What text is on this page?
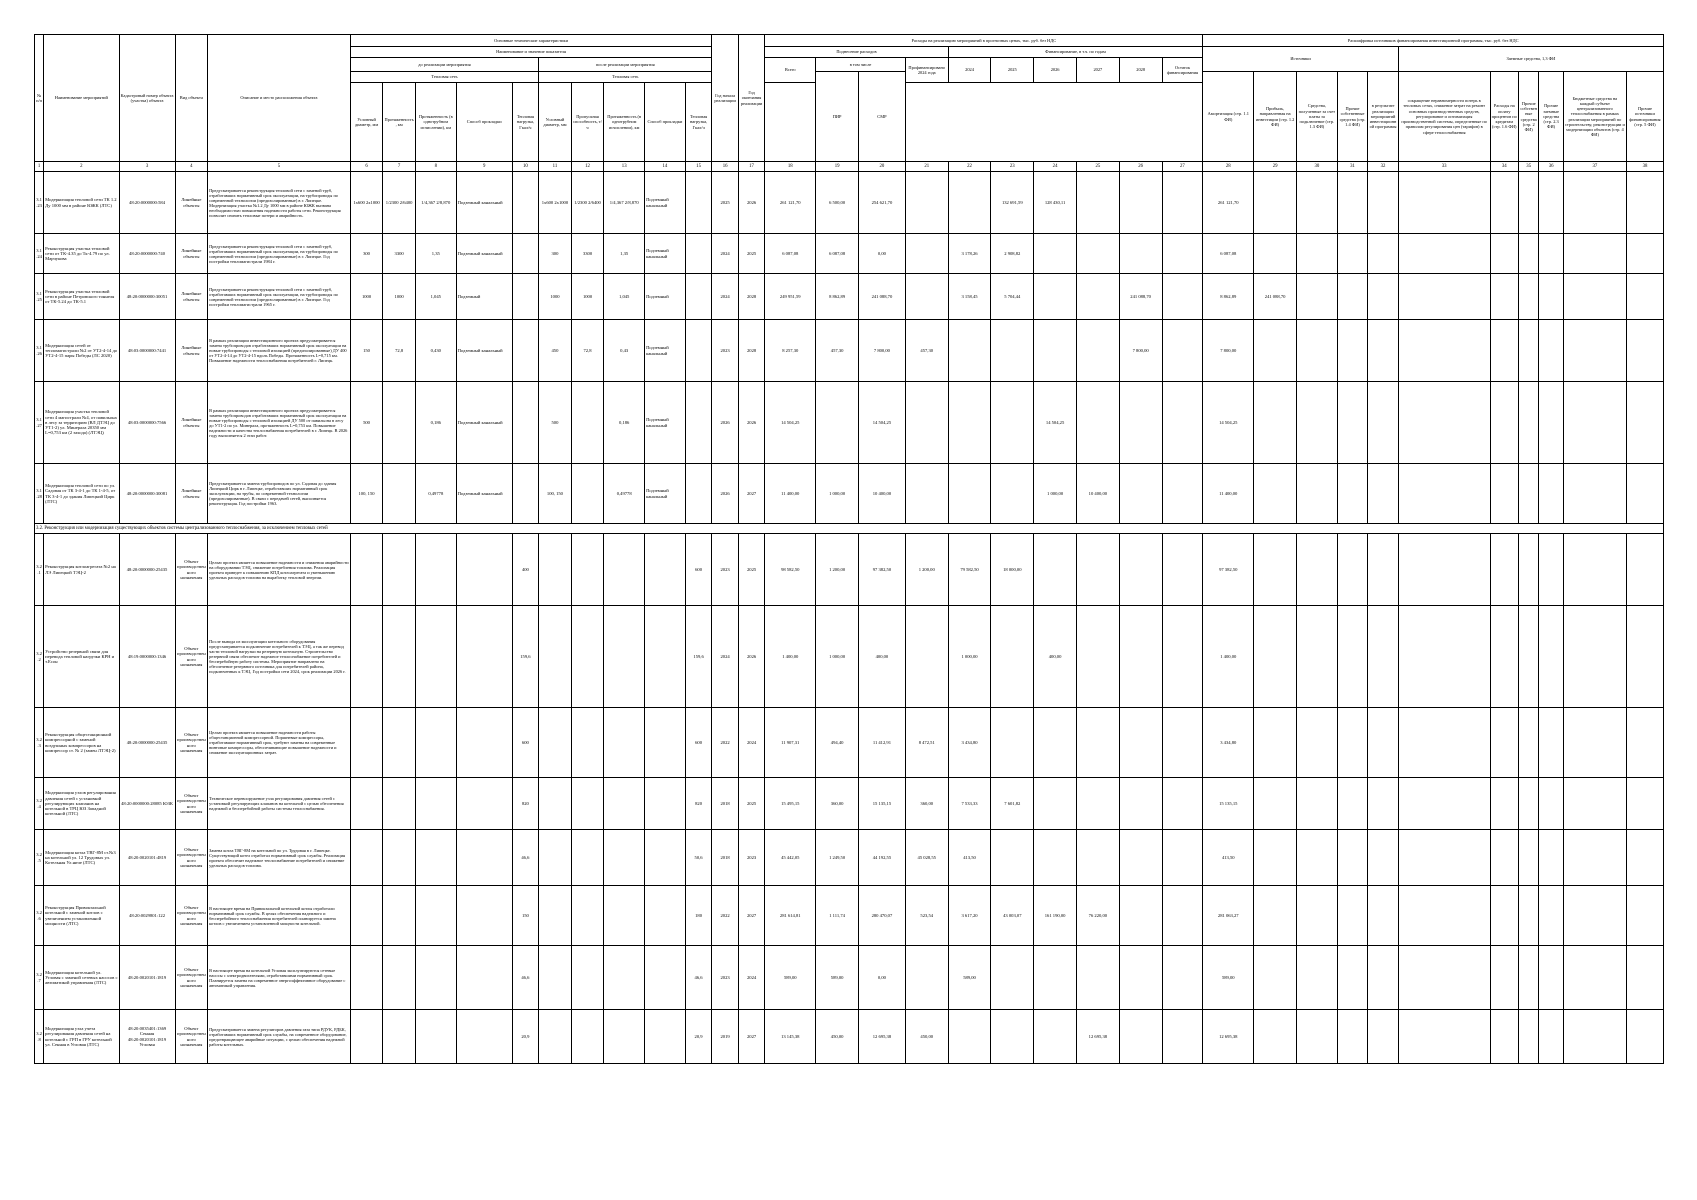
№ п/п	Наименование мероприятий	Кадастровый номер объекта (участка) объекта	Вид объекта	Описание и место расположения объекта	Основные технические характеристики										Год начала реализации	Год окончания реализации	Расходы на реализацию мероприятий в прогнозных ценах, тыс. руб. без НДС										Расшифровка источников финансирования инвестиционной программы, тыс. руб. без НДС										
					Наименование и значение показателя												Поднесение расходов				Финансирование, в т.ч. по годам						Источники					Заемные средства, 1,3 ФИ					
					до реализации мероприятия					после реализации мероприятия							Всего	в том числе		Профинансировано 2024 года	2024	2025	2026	2027	2028	Остаток финансирования											
					Тепловая сеть					Тепловая сеть								ПИР	СМР								Амортизация (стр. 1.1 ФИ)	Прибыль, направленная на инвестиции (стр. 1.2 ФИ)	Средства, полученные за счет платы за подключение (стр. 1.3 ФИ)	Прочие собственные средства (стр. 1.4 ФИ)	в результате реализации мероприятий инвестиционной программы	сокращение неравномерности потерь в тепловых сетях, снижение затрат на ремонт основных производственных средств, регулирование и оптимизация производственной системы, определенные по правилам регулирования цен (тарифов) в сфере теплоснабжения	Расходы на оплату процентов по кредитам (стр. 1.6 ФИ)	Прочие собственные средства (стр. 2 ФИ)	Прочие заемные средства (стр. 2.3 ФИ)	Бюджетные средства на каждый субъект централизованного теплоснабжения в рамках реализации мероприятий по строительству, реконструкции и модернизации объектов (стр. 4 ФИ)	Прочие источники финансирования (стр. 5 ФИ)
					Условный диаметр, мм	Протяженность, км	Протяженность (в однотрубном исчислении), км	Способ прокладки	Тепловая нагрузка, Гкал/ч	Условный диаметр, мм	Пропускная способность, т/ч	Протяженность (в однотрубном исчислении), км	Способ прокладки	Тепловая нагрузка, Гкал/ч																							
1	2	3	4	5	6	7	8	9	10	11	12	13	14	15	16	17	18	19	20	21	22	23	24	25	26	27	28	29	30	31	32	33	34	35	36	37	38
3.1.23	Модернизация тепловой сети ТК 1.2 Ду 1000 мм в районе ЮЖК (ЛТС)	48:20:0000000:584	Линейные объекты	Предусматривается реконструкция тепловой сети с заменой труб, отработавших нормативный срок эксплуатации, на трубопроводы по современной технологии (предизолированные) в г. Липецке. Модернизация участка №1.2 Ду 1000 мм в районе ЮЖК вызвана необходимостью повышения надежности работы сети. Реконструкция позволит снизить тепловые потери и аварийность.	1х600 2х1000	1/2300 2/6400	1/4,367 2/8,870	Подземный канальный		1х600 2х1000	1/2300 2/6400	1/4,367 2/8,870	Подземный канальный		2025	2026	261 121,70	6 500,00	254 621,70			132 691,59	128 430,11				261 121,70										
3.1.24	Реконструкция участка тепловой сети от ТК-4.35 до Тк-4.79 по ул. Марчукова	48:20:0000000:740	Линейные объекты	Предусматривается реконструкция тепловой сети с заменой труб, отработавших нормативный срок эксплуатации, на трубопроводы по современной технологии (предизолированные) в г. Липецке. Год постройки тепломагистрали 1984 г.	300	3300	1,35	Подземный канальный		300	3300	1,35	Подземный канальный		2024	2025	6 087,08	6 087,08	0,00		3 178,26	2 908,82					6 087,08										
3.1.25	Реконструкция участка тепловой сети в районе Петровского тоннеля от ТК-5.24 до ТК-5.1	48:20:0000000:30051	Линейные объекты	Предусматривается реконструкция тепловой сети с заменой труб, отработавших нормативный срок эксплуатации, на трубопроводы по современной технологии (предизолированные) в г. Липецке. Год постройки тепломагистрали 1965 г.	1000	1000	1,045	Подземный		1000	1000	1,045	Подземный		2024	2028	249 951,59	8 862,89	241 088,70		3 158,45	5 704,44			241 088,70		8 862,89	241 088,70									
3.1.26	Модернизация сетей от тепломагистрали №2 от УТ2-4-14 до УТ2-4-15 пары Победы (ЛС 2020)	48:03:0000000:7441	Линейные объекты	В рамках реализации инвестиционного проекта предусматривается замена трубопроводов отработавших нормативный срок эксплуатации на новые трубопроводы с тепловой изоляцией (предизолированные) ДУ 400 от УТ2-4-14 до УТ2-4-15 вдоль Победы. Протяженность L=0,715 км. Повышение надежности теплоснабжения потребителей г. Липецк.	150	72,8	0,430	Подземный канальный		450	72,8	0,43	Подземный канальный		2023	2028	8 257,30	457,30	7 800,00	457,30					7 800,00		7 800,00										
3.1.27	Модернизация участка тепловой сети 4 магистрали №4, от павильона в лесу за территорию (ВЛ ДТЭЦ до УТ1-2) ул. Минерала 20350 мм L=0,753 км (2 захода) (ЛТЭЦ)	48:03:0000000:7566	Линейные объекты	В рамках реализации инвестиционного проекта предусматривается замена трубопроводов отработавших нормативный срок эксплуатации на новые трубопроводы с тепловой изоляцией ДУ 500 от павильона в лесу до УТ1-2 по ул. Минерала, протяженность L=0,753 км. Повышение надежности и качества теплоснабжения потребителей в г. Липецк. В 2026 году выполняется 2 этап работ.	500		0,186	Подземный канальный		500		0,186	Подземный канальный		2026	2026	14 504,25		14 504,25				14 504,25				14 504,25										
3.1.28	Модернизация тепловой сети по ул. Садовая от ТК 3-4-1 до ТК 1-4-5, от ТК 3-4-1 до здания Липецкий Цирк (ЛТС)	48:20:0000000:30081	Линейные объекты	Предусматривается замена трубопроводов по ул. Садовая до здания Липецкий Цирк в г. Липецке, отработавших нормативный срок эксплуатации, на трубы, по современной технологии (предизолированные). В связи с передачей сетей, выполняется реконструкция. Год постройки 1963.	100, 150		0,49778	Подземный канальный		100, 150		0,49778	Подземный канальный		2026	2027	11 400,00	1 000,00	10 400,00				1 000,00	10 400,00			11 400,00										
3.2. Реконструкция или модернизация существующих объектов системы централизованного теплоснабжения, за исключением тепловых сетей																																					
3.2.1	Реконструкция котлоагрегата №2 на ЛЭ Липецкой ТЭЦ-2	48:20:0000000:25435	Объект производственного назначения	Целью проекта является повышение надежности и снижения аварийности на оборудовании ТЭЦ, снижение потребления топлива. Реализация проекта приведет к повышению КПД котлоагрегата и уменьшению удельных расходов топлива на выработку тепловой энергии.					400					600	2023	2025	98 582,50	1 200,00	97 382,50	1 200,00	79 582,50	18 000,00					97 382,50										
3.2.2	Устройство резервной связи для перевода тепловой нагрузки КРН и т.Есон	48:19:0000000:1346	Объект производственного назначения	После вывода из эксплуатации котельного оборудования предусматривается подключение потребителей к ТЭЦ, а так же перевод части тепловой нагрузки на резервную котельную. Строительство резервной связи обеспечит надежное теплоснабжение потребителей и бесперебойную работу системы. Мероприятие направлено на обеспечение резервного источника для потребителей района, подключенных к ТЭЦ. Год постройки сети 2024, срок реализации 2026 г.					159,6					159,6	2024	2026	1 400,00	1 000,00	400,00		1 000,00		400,00				1 400,00										
3.2.3	Реконструкция общестанционной компрессорной с заменой воздушных компрессоров на компрессор ст. № 2 (замен ЛТЭЦ-2)	48:20:0000000:25435	Объект производственного назначения	Целью проекта является повышение надежности работы общестанционной компрессорной. Поршневые компрессоры, отработавшие нормативный срок, требуют замены на современные винтовые компрессоры, обеспечивающие повышение надежности и снижение эксплуатационных затрат.					600					600	2022	2024	11 907,31	494,40	11 412,91	8 472,51	3 434,80						3 434,80										
3.2.4	Модернизация узлов регулирования давления сетей с установкой регулирующих клапанов на котельной в ТРЦ ЮЗ Западной котельной (ЛТС)	48:20:0000000:28085 ЮЗК	Объект производственного назначения	Техническое перевооружение узла регулирования давления сетей с установкой регулирующих клапанов на котельной с целью обеспечения надежной и бесперебойной работы системы теплоснабжения.					820					820	2018	2025	15 495,15	360,00	15 135,15	360,00	7 533,33	7 601,82					15 135,15										
3.2.5	Модернизация котла ТВГ-8М ст.№3 на котельной ул. 12 Трудовых ул. Котельная Ул.ниче (ЛТС)	48:20:0020101:4819	Объект производственного назначения	Замена котла ТВГ-8М на котельной по ул. Трудовая в г. Липецке. Существующий котел отработал нормативный срок службы. Реализация проекта обеспечит надежное теплоснабжение потребителей и снижение удельных расходов топлива.					46,6					50,6	2018	2023	45 442,05	1 249,50	44 192,55	45 028,55	413,50						413,50										
3.2.6	Реконструкция Привокзальной котельной с заменой котлов с увеличением установленной мощности (ЛТС)	48:20:0029801:122	Объект производственного назначения	В настоящее время на Привокзальной котельной котлы отработали нормативный срок службы. В целях обеспечения надежного и бесперебойного теплоснабжения потребителей планируется замена котлов с увеличением установленной мощности котельной.					150					180	2022	2027	281 614,81	1 111,74	280 470,07	523,54	3 617,20	43 003,07	161 190,00	76 220,00			281 063,27										
3.2.7	Модернизация котельной ул. Угловая с заменой сетевых насосов с автоматикой управления (ЛТС)	48:20:0020101:1819	Объект производственного назначения	В настоящее время на котельной Угловая эксплуатируются сетевые насосы с электродвигателями, отработавшими нормативный срок. Планируется замена на современное энергоэффективное оборудование с автоматикой управления.					46,6					46,6	2023	2024	589,00	589,00	0,00		589,00						589,00										
3.2.8	Модернизация узла учета регулирования давления сетей на котельной с ГРП в ГРУ котельной ул. Сенная в Угловая (ЛТС)	48:20:0035401:1369 Сенная 48:20:0020101:1819 Угловая	Объект производственного назначения	Предусматривается замена регуляторов давления газа типа РДУК, РДБК, отработавших нормативный срок службы, на современное оборудование, предотвращающее аварийные ситуации, с целью обеспечения надежной работы котельных.					20,9					20,9	2019	2027	13 145,38	450,00	12 695,38	450,00				12 695,38			12 695,38										
